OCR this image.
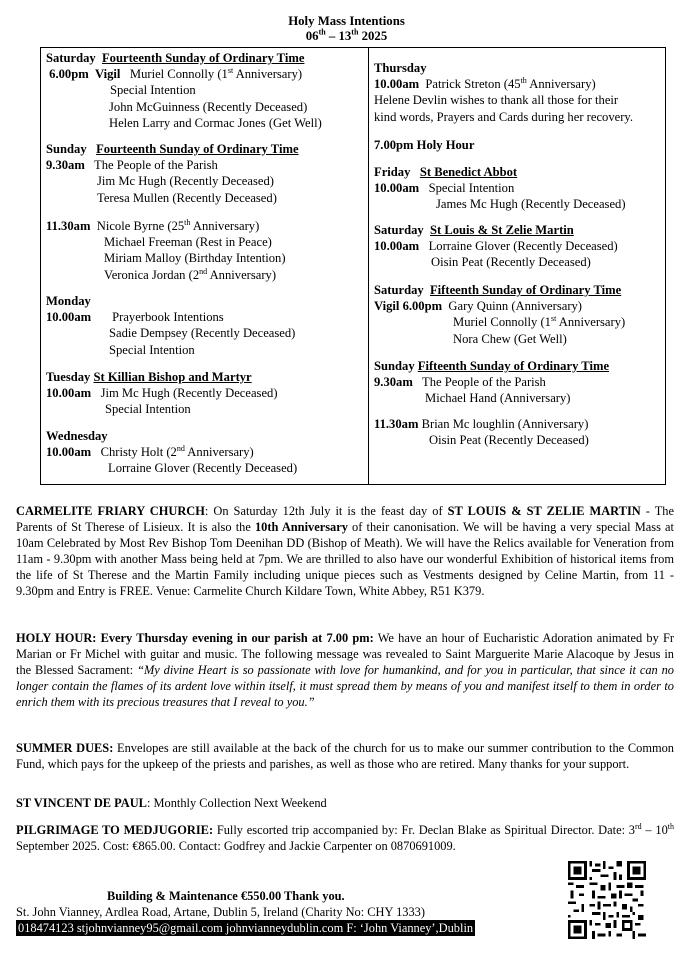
Holy Mass Intentions
06th – 13th 2025
Saturday Fourteenth Sunday of Ordinary Time
6.00pm Vigil Muriel Connolly (1st Anniversary)
Special Intention
John McGuinness (Recently Deceased)
Helen Larry and Cormac Jones (Get Well)
Sunday Fourteenth Sunday of Ordinary Time
9.30am The People of the Parish
Jim Mc Hugh (Recently Deceased)
Teresa Mullen (Recently Deceased)
11.30am Nicole Byrne (25th Anniversary)
Michael Freeman (Rest in Peace)
Miriam Malloy (Birthday Intention)
Veronica Jordan (2nd Anniversary)
Monday
10.00am Prayerbook Intentions
Sadie Dempsey (Recently Deceased)
Special Intention
Tuesday St Killian Bishop and Martyr
10.00am Jim Mc Hugh (Recently Deceased)
Special Intention
Wednesday
10.00am Christy Holt (2nd Anniversary)
Lorraine Glover (Recently Deceased)
Thursday
10.00am Patrick Streton (45th Anniversary)
Helene Devlin wishes to thank all those for their
kind words, Prayers and Cards during her recovery.
7.00pm Holy Hour
Friday St Benedict Abbot
10.00am Special Intention
James Mc Hugh (Recently Deceased)
Saturday St Louis & St Zelie Martin
10.00am Lorraine Glover (Recently Deceased)
Oisin Peat (Recently Deceased)
Saturday Fifteenth Sunday of Ordinary Time
Vigil 6.00pm Gary Quinn (Anniversary)
Muriel Connolly (1st Anniversary)
Nora Chew (Get Well)
Sunday Fifteenth Sunday of Ordinary Time
9.30am The People of the Parish
Michael Hand (Anniversary)
11.30am Brian Mc loughlin (Anniversary)
Oisin Peat (Recently Deceased)
CARMELITE FRIARY CHURCH: On Saturday 12th July it is the feast day of ST LOUIS & ST ZELIE MARTIN - The Parents of St Therese of Lisieux. It is also the 10th Anniversary of their canonisation. We will be having a very special Mass at 10am Celebrated by Most Rev Bishop Tom Deenihan DD (Bishop of Meath). We will have the Relics available for Veneration from 11am - 9.30pm with another Mass being held at 7pm. We are thrilled to also have our wonderful Exhibition of historical items from the life of St Therese and the Martin Family including unique pieces such as Vestments designed by Celine Martin, from 11 - 9.30pm and Entry is FREE. Venue: Carmelite Church Kildare Town, White Abbey, R51 K379.
HOLY HOUR: Every Thursday evening in our parish at 7.00 pm: We have an hour of Eucharistic Adoration animated by Fr Marian or Fr Michel with guitar and music. The following message was revealed to Saint Marguerite Marie Alacoque by Jesus in the Blessed Sacrament: “My divine Heart is so passionate with love for humankind, and for you in particular, that since it can no longer contain the flames of its ardent love within itself, it must spread them by means of you and manifest itself to them in order to enrich them with its precious treasures that I reveal to you.”
SUMMER DUES: Envelopes are still available at the back of the church for us to make our summer contribution to the Common Fund, which pays for the upkeep of the priests and parishes, as well as those who are retired. Many thanks for your support.
ST VINCENT DE PAUL: Monthly Collection Next Weekend
PILGRIMAGE TO MEDJUGORIE: Fully escorted trip accompanied by: Fr. Declan Blake as Spiritual Director. Date: 3rd – 10th September 2025. Cost: €865.00. Contact: Godfrey and Jackie Carpenter on 0870691009.
Building & Maintenance €550.00 Thank you.
St. John Vianney, Ardlea Road, Artane, Dublin 5, Ireland (Charity No: CHY 1333)
018474123 stjohnvianney95@gmail.com johnvianneydublin.com F: ‘John Vianney’,Dublin
